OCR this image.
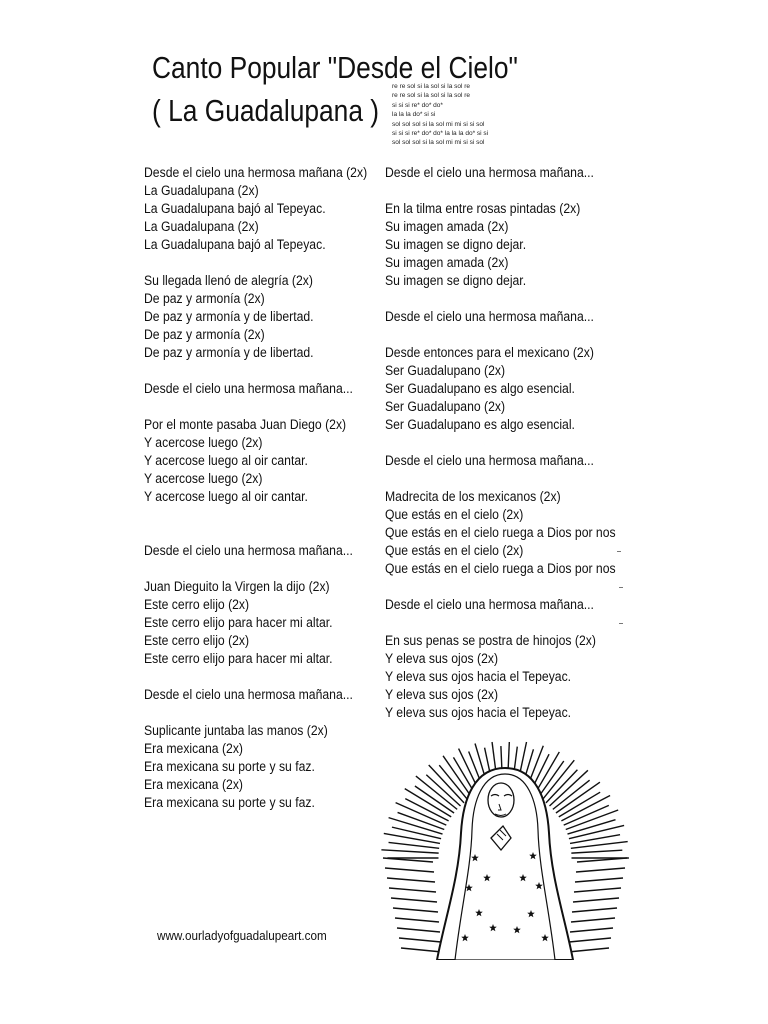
Canto Popular "Desde el Cielo"
( La Guadalupana )
re re sol si la sol si la sol re
re re sol si la sol si la sol re
si si si re* do* do*
la la la do* si si
sol sol sol si la sol mi mi si si sol
si si si re* do* do* la la la do* si si
sol sol sol si la sol mi mi si si sol
Desde el cielo una hermosa mañana (2x)
La Guadalupana (2x)
La Guadalupana bajó al Tepeyac.
La Guadalupana (2x)
La Guadalupana bajó al Tepeyac.
Su llegada llenó de alegría (2x)
De paz y armonía (2x)
De paz y armonía y de libertad.
De paz y armonía (2x)
De paz y armonía y de libertad.
Desde el cielo una hermosa mañana...
Por el monte pasaba Juan Diego (2x)
Y acercose luego (2x)
Y acercose luego al oir cantar.
Y acercose luego (2x)
Y acercose luego al oir cantar.
Desde el cielo una hermosa mañana...
Juan Dieguito la Virgen la dijo (2x)
Este cerro elijo (2x)
Este cerro elijo para hacer mi altar.
Este cerro elijo (2x)
Este cerro elijo para hacer mi altar.
Desde el cielo una hermosa mañana...
Suplicante juntaba las manos (2x)
Era mexicana (2x)
Era mexicana su porte y su faz.
Era mexicana (2x)
Era mexicana su porte y su faz.
Desde el cielo una hermosa mañana...
En la tilma entre rosas pintadas (2x)
Su imagen amada (2x)
Su imagen se digno dejar.
Su imagen amada (2x)
Su imagen se digno dejar.
Desde el cielo una hermosa mañana...
Desde entonces para el mexicano (2x)
Ser Guadalupano (2x)
Ser Guadalupano es algo esencial.
Ser Guadalupano (2x)
Ser Guadalupano es algo esencial.
Desde el cielo una hermosa mañana...
Madrecita de los mexicanos (2x)
Que estás en el cielo (2x)
Que estás en el cielo ruega a Dios por nos
Que estás en el cielo (2x)
Que estás en el cielo ruega a Dios por nos
Desde el cielo una hermosa mañana...
En sus penas se postra de hinojos (2x)
Y eleva sus ojos (2x)
Y eleva sus ojos hacia el Tepeyac.
Y eleva sus ojos (2x)
Y eleva sus ojos hacia el Tepeyac.
www.ourladyofguadalupeart.com
